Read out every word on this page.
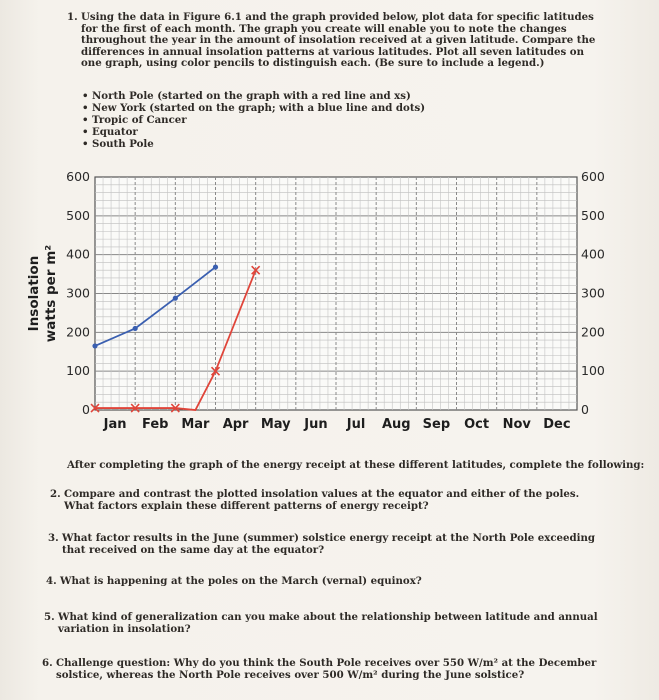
1. Using the data in Figure 6.1 and the graph provided below, plot data for specific latitudes for the first of each month. The graph you create will enable you to note the changes throughout the year in the amount of insolation received at a given latitude. Compare the differences in annual insolation patterns at various latitudes. Plot all seven latitudes on one graph, using color pencils to distinguish each. (Be sure to include a legend.)
• North Pole (started on the graph with a red line and xs)
• New York (started on the graph; with a blue line and dots)
• Tropic of Cancer
• Equator
• South Pole
Insolation watts per m²
0
100
200
300
400
500
600
0
100
200
300
400
500
600
Jan Feb Mar Apr May Jun Jul Aug Sep Oct Nov Dec
After completing the graph of the energy receipt at these different latitudes, complete the following:
2. Compare and contrast the plotted insolation values at the equator and either of the poles. What factors explain these different patterns of energy receipt?
3. What factor results in the June (summer) solstice energy receipt at the North Pole exceeding that received on the same day at the equator?
4. What is happening at the poles on the March (vernal) equinox?
5. What kind of generalization can you make about the relationship between latitude and annual variation in insolation?
6. Challenge question: Why do you think the South Pole receives over 550 W/m² at the December solstice, whereas the North Pole receives over 500 W/m² during the June solstice?
